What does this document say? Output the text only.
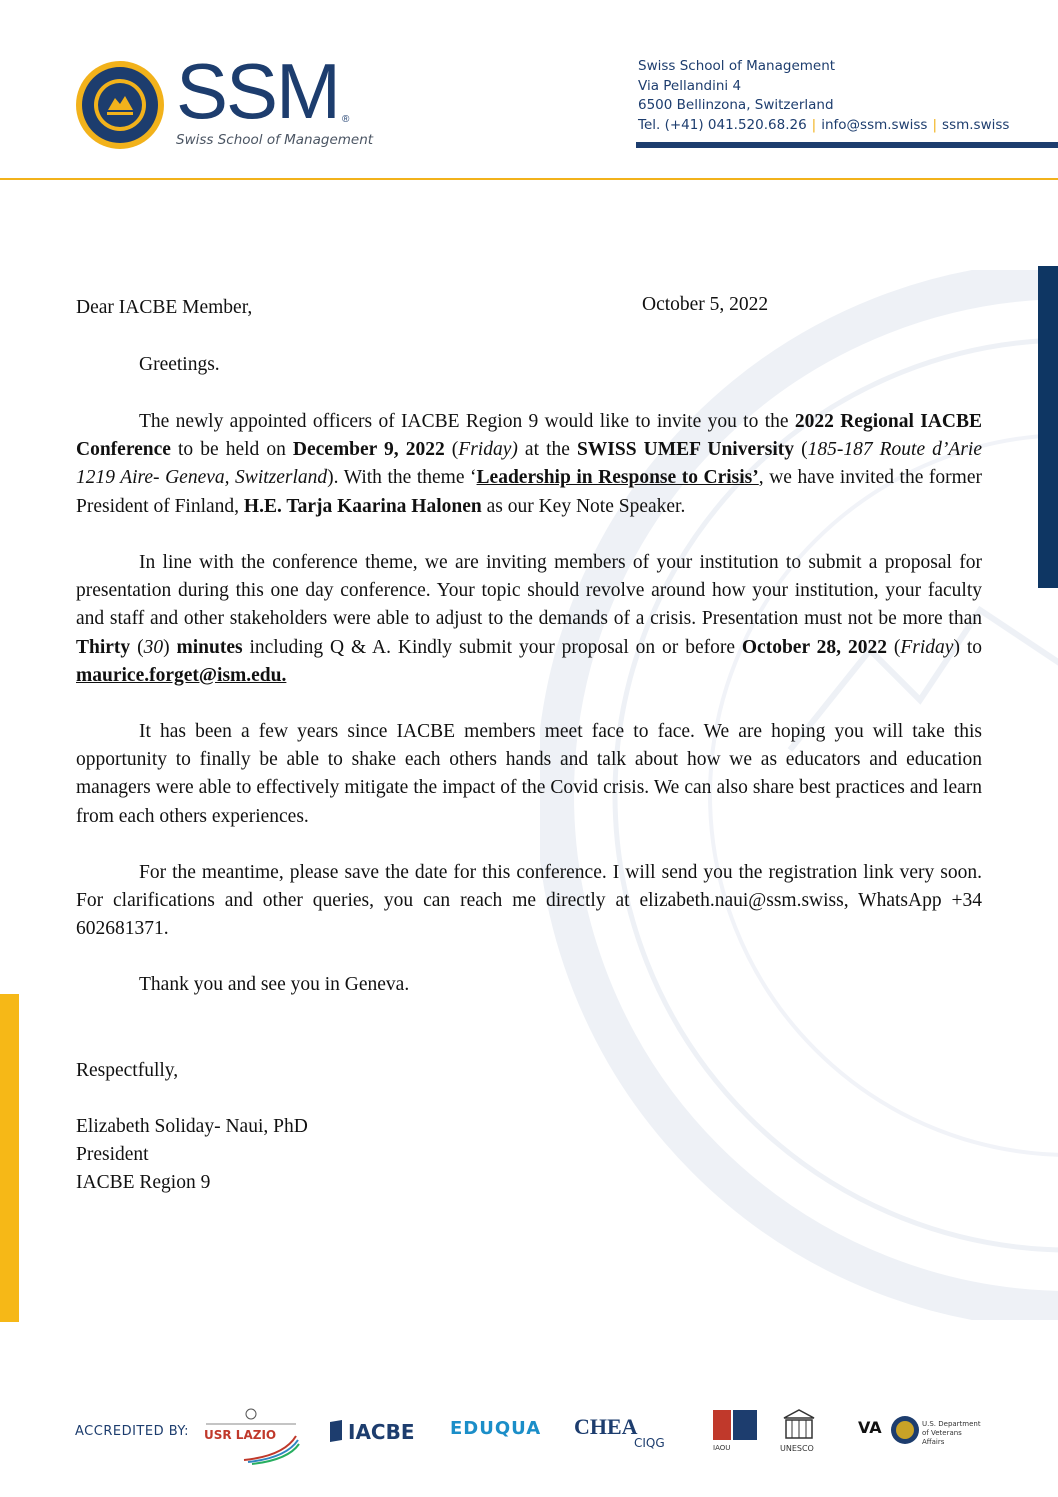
SSM ®
Swiss School of Management
Swiss School of Management
Via Pellandini 4
6500 Bellinzona, Switzerland
Tel. (+41) 041.520.68.26 | info@ssm.swiss | ssm.swiss
Dear IACBE Member,	October 5, 2022

Greetings.

The newly appointed officers of IACBE Region 9 would like to invite you to the 2022 Regional IACBE Conference to be held on December 9, 2022 (Friday) at the SWISS UMEF University (185-187 Route d’Arie 1219 Aire- Geneva, Switzerland). With the theme ‘Leadership in Response to Crisis’, we have invited the former President of Finland, H.E. Tarja Kaarina Halonen as our Key Note Speaker.

In line with the conference theme, we are inviting members of your institution to submit a proposal for presentation during this one day conference. Your topic should revolve around how your institution, your faculty and staff and other stakeholders were able to adjust to the demands of a crisis. Presentation must not be more than Thirty (30) minutes including Q & A. Kindly submit your proposal on or before October 28, 2022 (Friday) to maurice.forget@ism.edu.

It has been a few years since IACBE members meet face to face. We are hoping you will take this opportunity to finally be able to shake each others hands and talk about how we as educators and education managers were able to effectively mitigate the impact of the Covid crisis. We can also share best practices and learn from each others experiences.

For the meantime, please save the date for this conference. I will send you the registration link very soon. For clarifications and other queries, you can reach me directly at elizabeth.naui@ssm.swiss, WhatsApp +34 602681371.

Thank you and see you in Geneva.

Respectfully,
Elizabeth Soliday- Naui, PhD
President
IACBE Region 9
ACCREDITED BY: USR LAZIO	IACBE EDUQUA CHEA
CIQG	IAOU	UNESCO
VA	U.S. Department of Veterans Affairs
